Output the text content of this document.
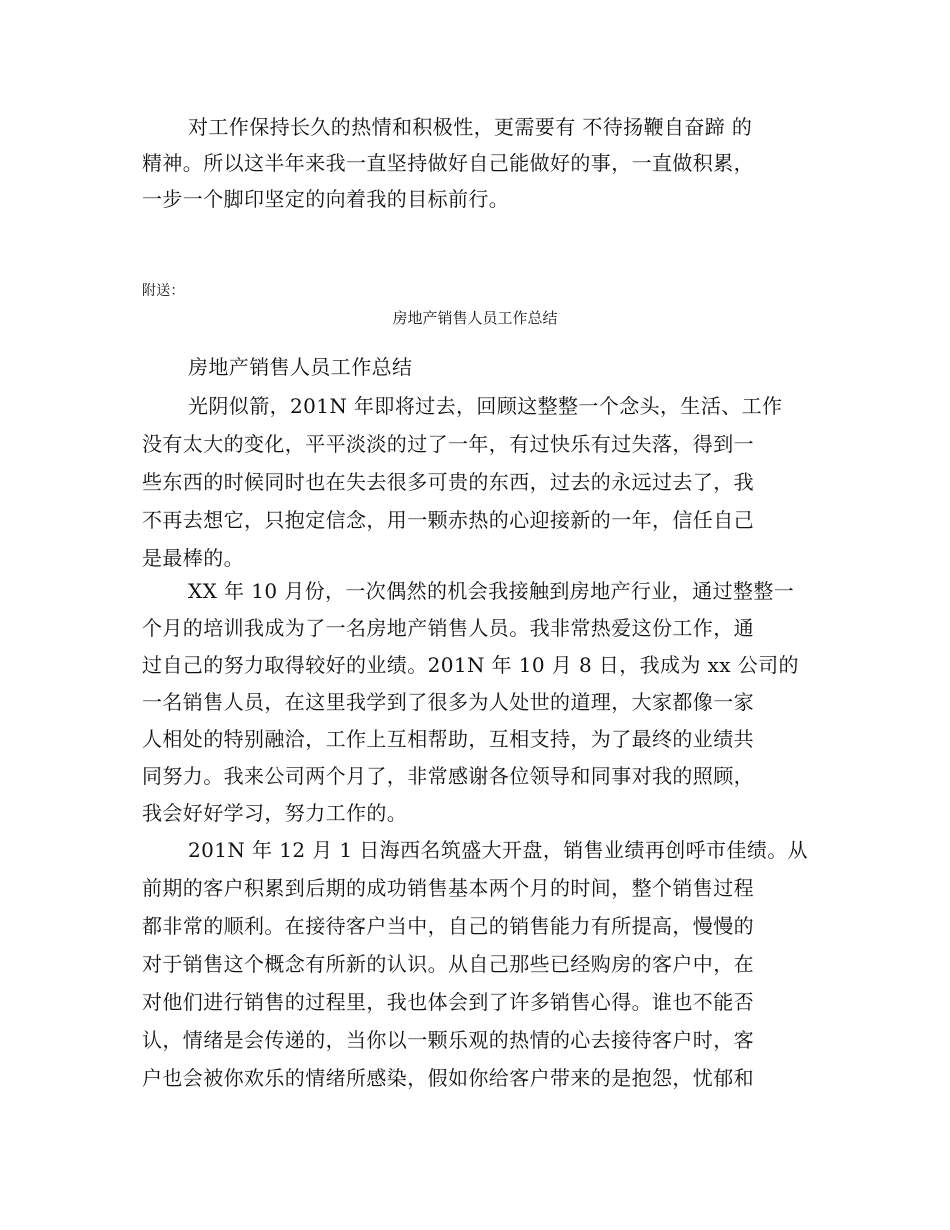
对工作保持长久的热情和积极性，更需要有 不待扬鞭自奋蹄 的
精神。所以这半年来我一直坚持做好自己能做好的事，一直做积累，
一步一个脚印坚定的向着我的目标前行。
附送：
房地产销售人员工作总结
房地产销售人员工作总结
光阴似箭，201N 年即将过去，回顾这整整一个念头，生活、工作
没有太大的变化，平平淡淡的过了一年，有过快乐有过失落，得到一
些东西的时候同时也在失去很多可贵的东西，过去的永远过去了，我
不再去想它，只抱定信念，用一颗赤热的心迎接新的一年，信任自己
是最棒的。
XX 年 10 月份，一次偶然的机会我接触到房地产行业，通过整整一
个月的培训我成为了一名房地产销售人员。我非常热爱这份工作，通
过自己的努力取得较好的业绩。201N 年 10 月 8 日，我成为 xx 公司的
一名销售人员，在这里我学到了很多为人处世的道理，大家都像一家
人相处的特别融洽，工作上互相帮助，互相支持，为了最终的业绩共
同努力。我来公司两个月了，非常感谢各位领导和同事对我的照顾，
我会好好学习，努力工作的。
201N 年 12 月 1 日海西名筑盛大开盘，销售业绩再创呼市佳绩。从
前期的客户积累到后期的成功销售基本两个月的时间，整个销售过程
都非常的顺利。在接待客户当中，自己的销售能力有所提高，慢慢的
对于销售这个概念有所新的认识。从自己那些已经购房的客户中，在
对他们进行销售的过程里，我也体会到了许多销售心得。谁也不能否
认，情绪是会传递的，当你以一颗乐观的热情的心去接待客户时，客
户也会被你欢乐的情绪所感染，假如你给客户带来的是抱怨，忧郁和
